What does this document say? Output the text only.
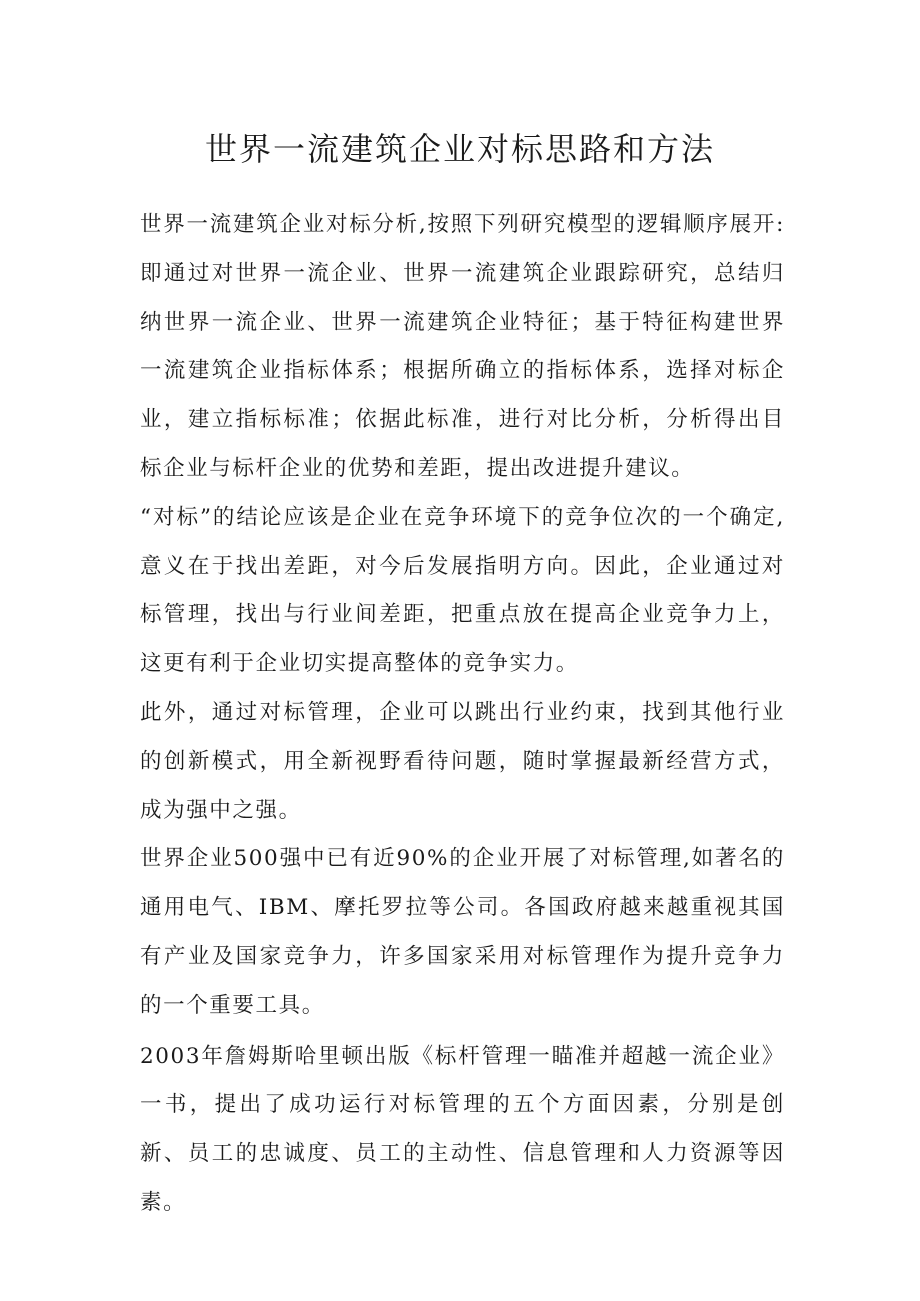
世界一流建筑企业对标思路和方法

世界一流建筑企业对标分析,按照下列研究模型的逻辑顺序展开:即通过对世界一流企业、世界一流建筑企业跟踪研究，总结归纳世界一流企业、世界一流建筑企业特征；基于特征构建世界一流建筑企业指标体系；根据所确立的指标体系，选择对标企业，建立指标标准；依据此标准，进行对比分析，分析得出目标企业与标杆企业的优势和差距，提出改进提升建议。

“对标”的结论应该是企业在竞争环境下的竞争位次的一个确定,意义在于找出差距，对今后发展指明方向。因此，企业通过对标管理，找出与行业间差距，把重点放在提高企业竞争力上，这更有利于企业切实提高整体的竞争实力。

此外，通过对标管理，企业可以跳出行业约束，找到其他行业的创新模式，用全新视野看待问题，随时掌握最新经营方式，成为强中之强。

世界企业500强中已有近90%的企业开展了对标管理,如著名的通用电气、IBM、摩托罗拉等公司。各国政府越来越重视其国有产业及国家竞争力，许多国家采用对标管理作为提升竞争力的一个重要工具。

2003年詹姆斯哈里顿出版《标杆管理一瞄准并超越一流企业》一书，提出了成功运行对标管理的五个方面因素，分别是创新、员工的忠诚度、员工的主动性、信息管理和人力资源等因素。
